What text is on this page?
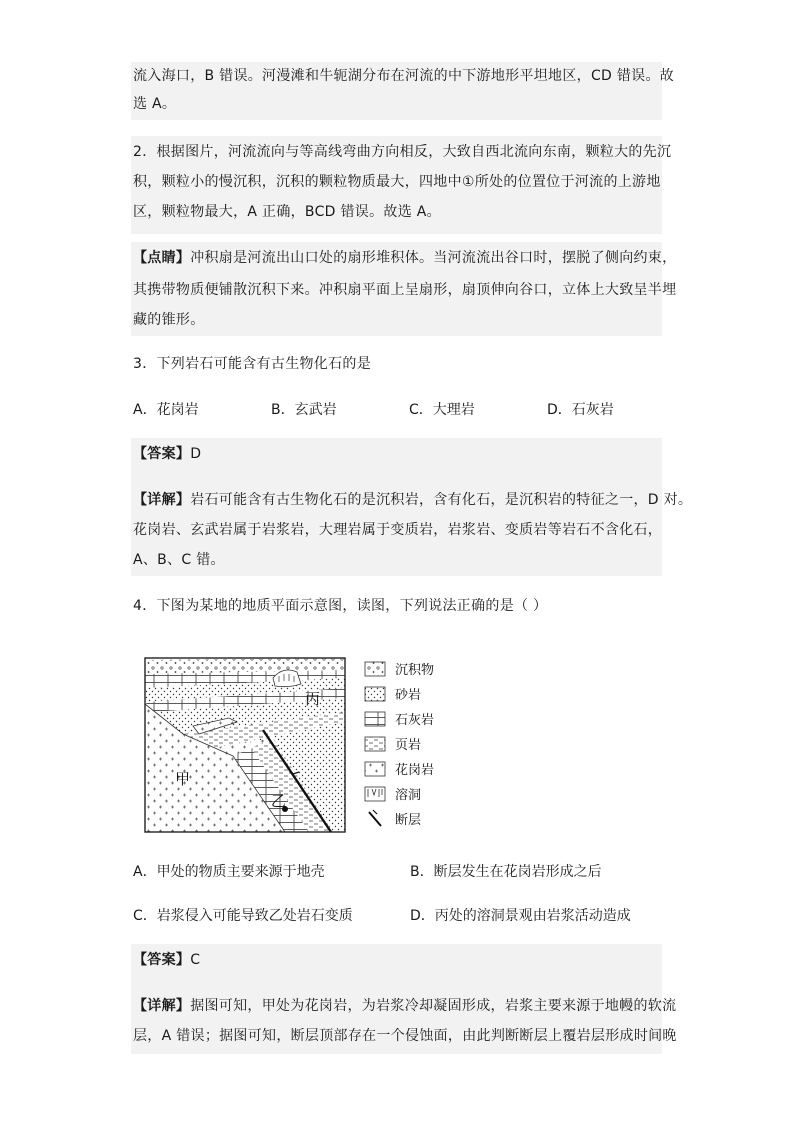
流入海口，B 错误。河漫滩和牛轭湖分布在河流的中下游地形平坦地区，CD 错误。故
选 A。
2．根据图片，河流流向与等高线弯曲方向相反，大致自西北流向东南，颗粒大的先沉
积，颗粒小的慢沉积，沉积的颗粒物质最大，四地中①所处的位置位于河流的上游地
区，颗粒物最大，A 正确，BCD 错误。故选 A。
【点睛】冲积扇是河流出山口处的扇形堆积体。当河流流出谷口时，摆脱了侧向约束，
其携带物质便铺散沉积下来。冲积扇平面上呈扇形，扇顶伸向谷口，立体上大致呈半埋
藏的锥形。
3．下列岩石可能含有古生物化石的是
A．花岗岩	B．玄武岩	C．大理岩	D．石灰岩
【答案】D
【详解】岩石可能含有古生物化石的是沉积岩，含有化石，是沉积岩的特征之一，D 对。
花岗岩、玄武岩属于岩浆岩，大理岩属于变质岩，岩浆岩、变质岩等岩石不含化石，
A、B、C 错。
4．下图为某地的地质平面示意图，读图，下列说法正确的是（ ）
甲
乙
丙
沉积物
砂岩
石灰岩
页岩
花岗岩
溶洞
断层
A．甲处的物质主要来源于地壳	B．断层发生在花岗岩形成之后
C．岩浆侵入可能导致乙处岩石变质	D．丙处的溶洞景观由岩浆活动造成
【答案】C
【详解】据图可知，甲处为花岗岩，为岩浆冷却凝固形成，岩浆主要来源于地幔的软流
层，A 错误；据图可知，断层顶部存在一个侵蚀面，由此判断断层上覆岩层形成时间晚
